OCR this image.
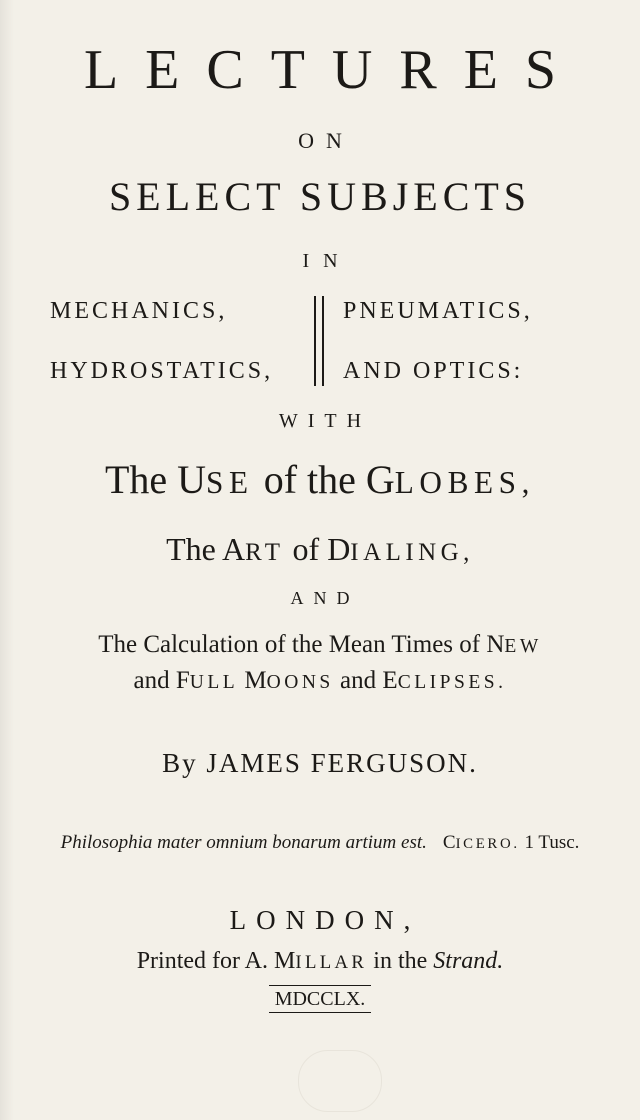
LECTURES
ON
SELECT SUBJECTS
IN
MECHANICS,
HYDROSTATICS,
PNEUMATICS,
AND OPTICS:
WITH
The USE of the GLOBES,
The ART of DIALING,
AND
The Calculation of the Mean Times of NEW
and FULL MOONS and ECLIPSES.
By JAMES FERGUSON.
Philosophia mater omnium bonarum artium est. CICERO. 1 Tusc.
LONDON,
Printed for A. MILLAR in the Strand.
MDCCLX.
